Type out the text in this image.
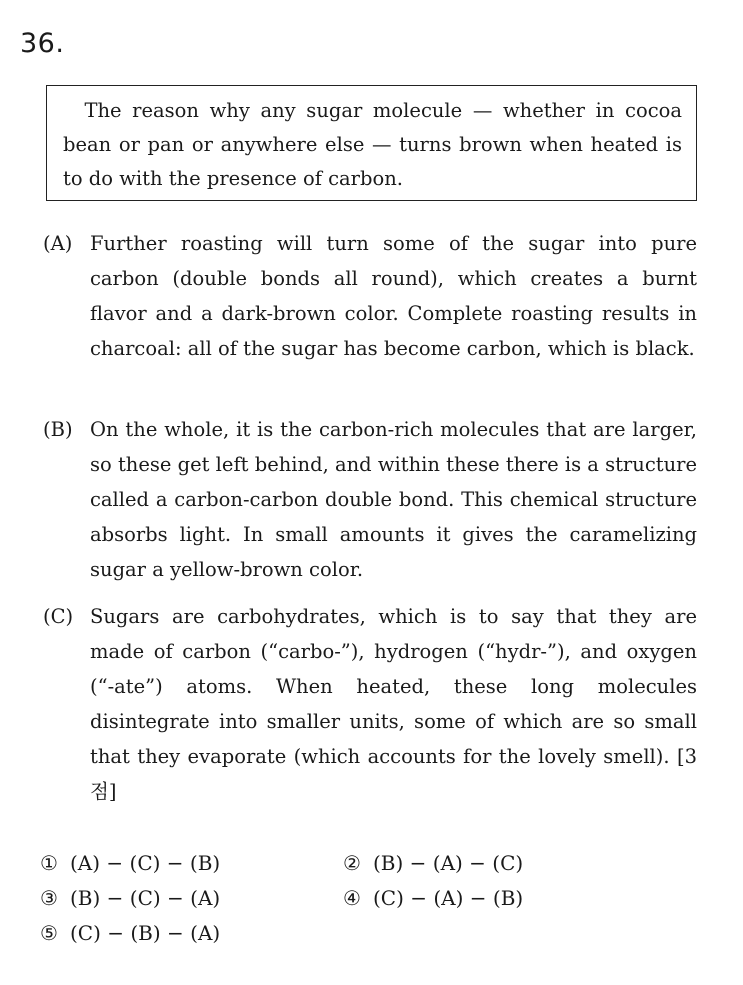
36.

The reason why any sugar molecule — whether in cocoa bean or pan or anywhere else — turns brown when heated is to do with the presence of carbon.

(A) Further roasting will turn some of the sugar into pure carbon (double bonds all round), which creates a burnt flavor and a dark-brown color. Complete roasting results in charcoal: all of the sugar has become carbon, which is black.
(B) On the whole, it is the carbon-rich molecules that are larger, so these get left behind, and within these there is a structure called a carbon-carbon double bond. This chemical structure absorbs light. In small amounts it gives the caramelizing sugar a yellow-brown color.
(C) Sugars are carbohydrates, which is to say that they are made of carbon (“carbo-”), hydrogen (“hydr-”), and oxygen (“-ate”) atoms. When heated, these long molecules disintegrate into smaller units, some of which are so small that they evaporate (which accounts for the lovely smell). [3점]
① (A) − (C) − (B)	② (B) − (A) − (C)
③ (B) − (C) − (A)	④ (C) − (A) − (B)
⑤ (C) − (B) − (A)
